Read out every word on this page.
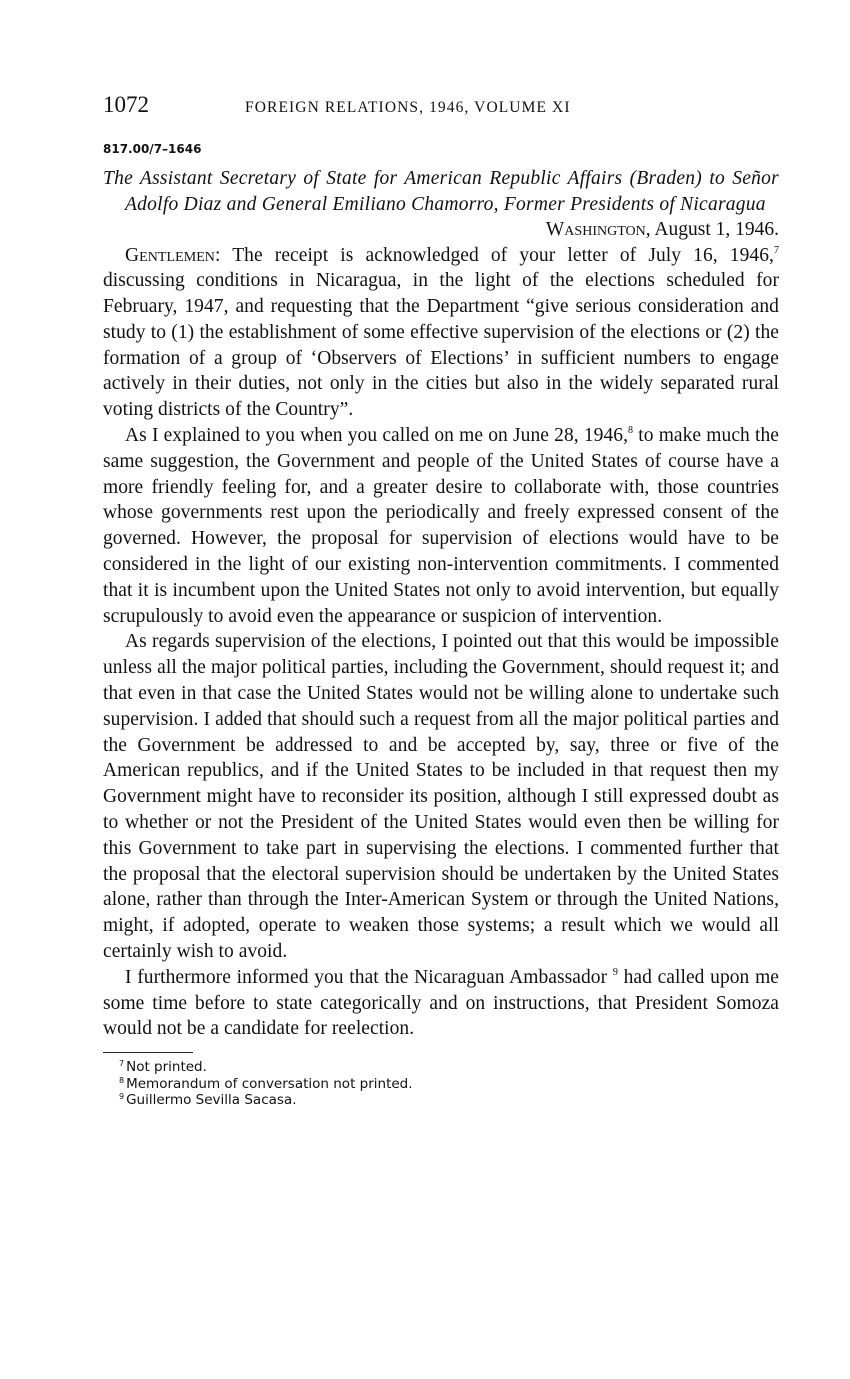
1072	FOREIGN RELATIONS, 1946, VOLUME XI
817.00/7–1646
The Assistant Secretary of State for American Republic Affairs (Braden) to Señor Adolfo Diaz and General Emiliano Chamorro, Former Presidents of Nicaragua
Washington, August 1, 1946.

Gentlemen: The receipt is acknowledged of your letter of July 16, 1946,$^7$ discussing conditions in Nicaragua, in the light of the elections scheduled for February, 1947, and requesting that the Department “give serious consideration and study to (1) the establishment of some effective supervision of the elections or (2) the formation of a group of ‘Observers of Elections’ in sufficient numbers to engage actively in their duties, not only in the cities but also in the widely separated rural voting districts of the Country”.

As I explained to you when you called on me on June 28, 1946,$^8$ to make much the same suggestion, the Government and people of the United States of course have a more friendly feeling for, and a greater desire to collaborate with, those countries whose governments rest upon the periodically and freely expressed consent of the governed. However, the proposal for supervision of elections would have to be considered in the light of our existing non-intervention commitments. I commented that it is incumbent upon the United States not only to avoid intervention, but equally scrupulously to avoid even the appearance or suspicion of intervention.

As regards supervision of the elections, I pointed out that this would be impossible unless all the major political parties, including the Government, should request it; and that even in that case the United States would not be willing alone to undertake such supervision. I added that should such a request from all the major political parties and the Government be addressed to and be accepted by, say, three or five of the American republics, and if the United States to be included in that request then my Government might have to reconsider its position, although I still expressed doubt as to whether or not the President of the United States would even then be willing for this Government to take part in supervising the elections. I commented further that the proposal that the electoral supervision should be undertaken by the United States alone, rather than through the Inter-American System or through the United Nations, might, if adopted, operate to weaken those systems; a result which we would all certainly wish to avoid.

I furthermore informed you that the Nicaraguan Ambassador $^9$ had called upon me some time before to state categorically and on instructions, that President Somoza would not be a candidate for reelection.

$^7$ Not printed.
$^8$ Memorandum of conversation not printed.
$^9$ Guillermo Sevilla Sacasa.
